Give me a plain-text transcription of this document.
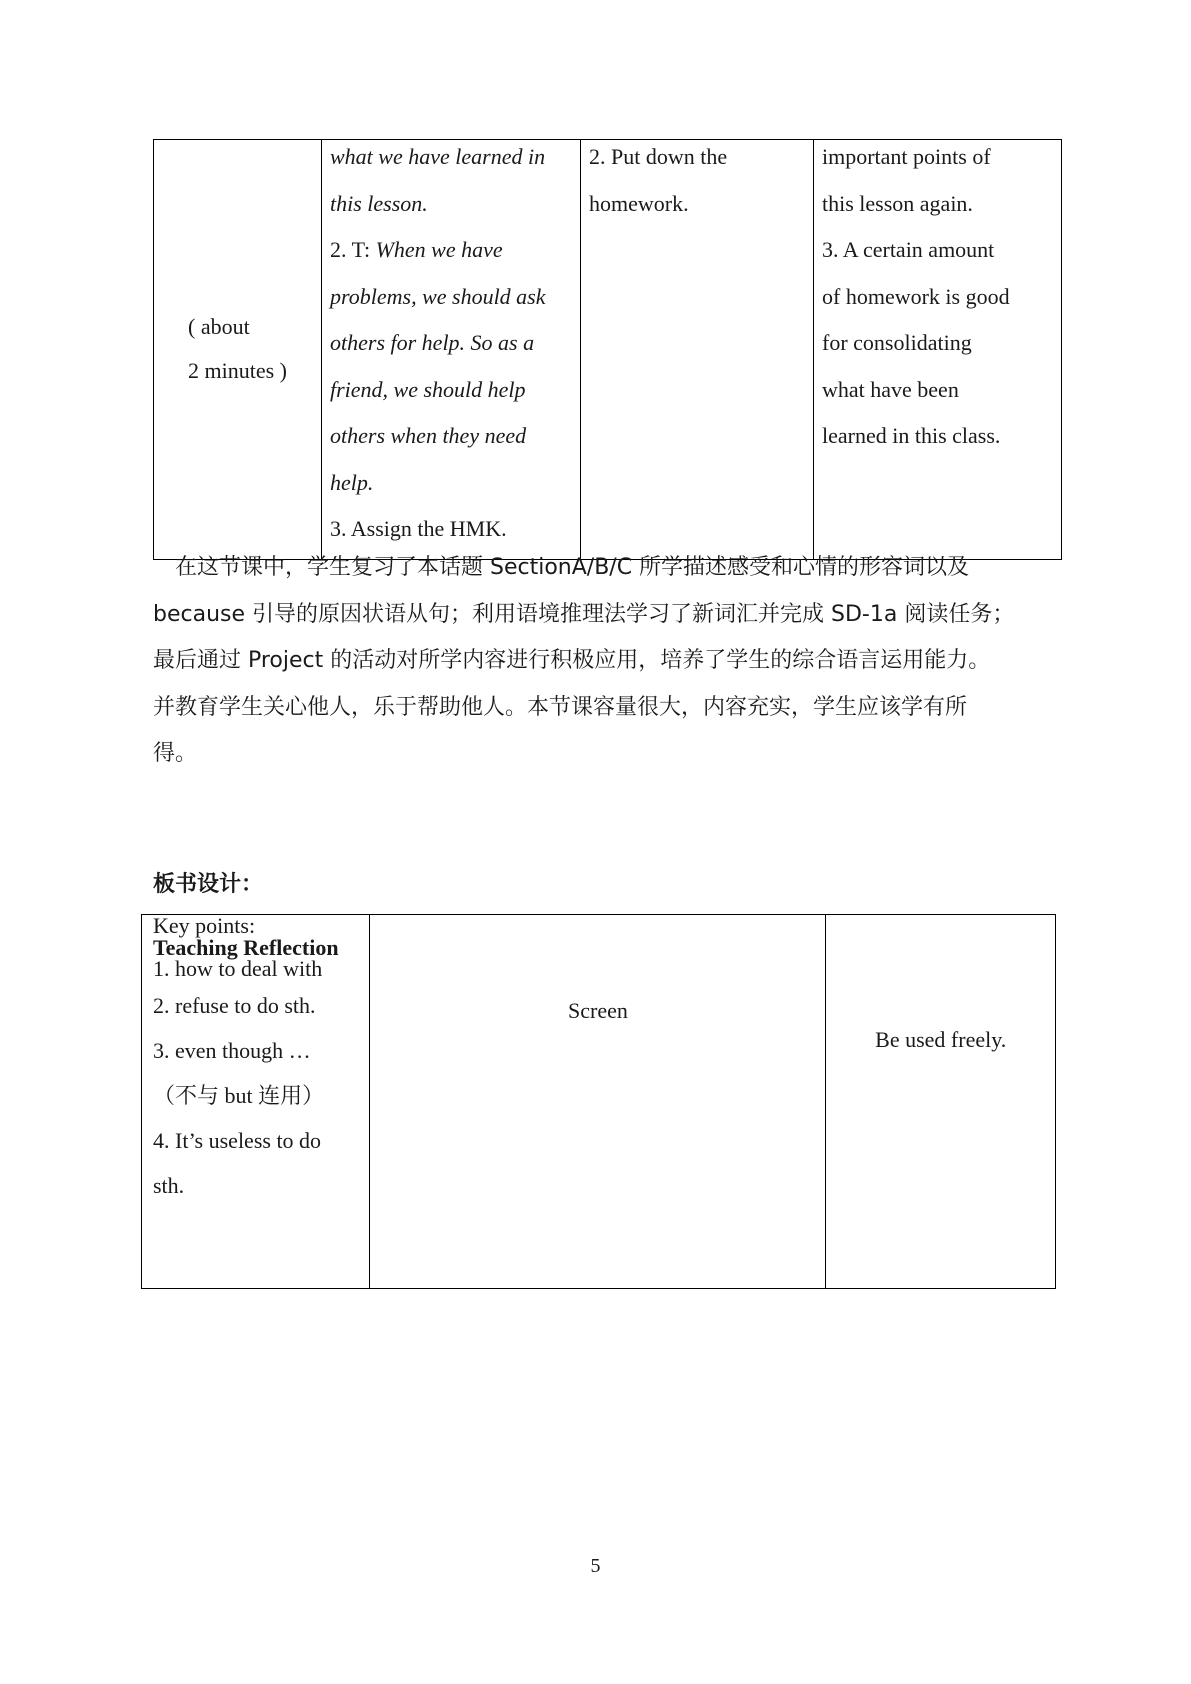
( about
2 minutes )

what we have learned in
this lesson.
2. T: When we have
problems, we should ask
others for help. So as a
friend, we should help
others when they need
help.
3. Assign the HMK.

2. Put down the
homework.

important points of
this lesson again.
3. A certain amount
of homework is good
for consolidating
what have been
learned in this class.
　在这节课中，学生复习了本话题 SectionA/B/C 所学描述感受和心情的形容词以及
because 引导的原因状语从句；利用语境推理法学习了新词汇并完成 SD-1a 阅读任务；
最后通过 Project 的活动对所学内容进行积极应用，培养了学生的综合语言运用能力。
并教育学生关心他人，乐于帮助他人。本节课容量很大，内容充实，学生应该学有所
得。
板书设计：
Key points:
Teaching Reflection
1. how to deal with
2. refuse to do sth.
3. even though …
（不与 but 连用）
4. It’s useless to do
sth.

Screen

Be used freely.
5
